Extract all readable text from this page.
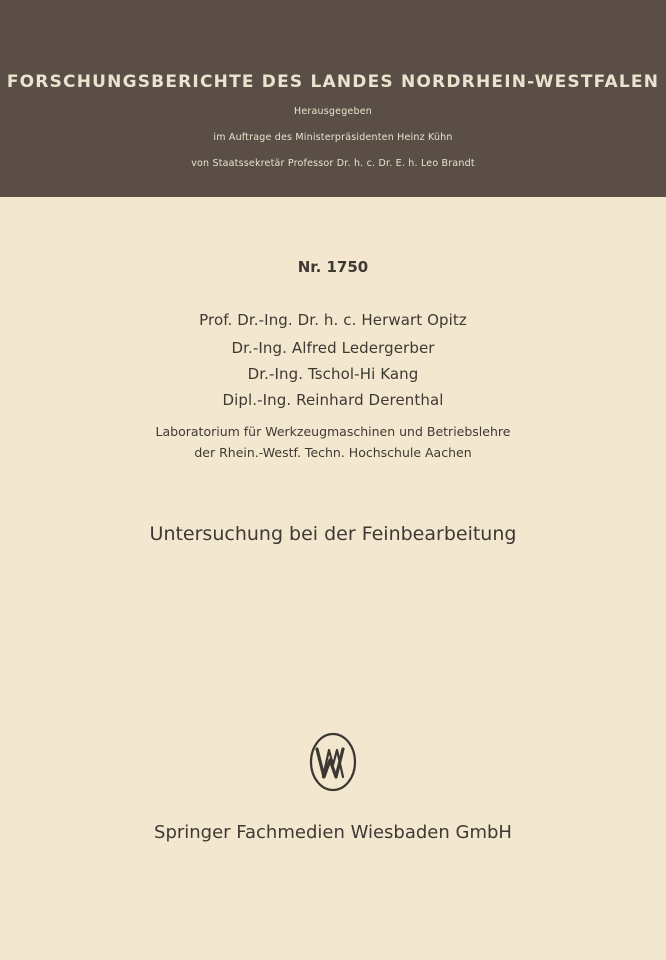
FORSCHUNGSBERICHTE DES LANDES NORDRHEIN-WESTFALEN
Herausgegeben
im Auftrage des Ministerpräsidenten Heinz Kühn
von Staatssekretär Professor Dr. h. c. Dr. E. h. Leo Brandt
Nr. 1750
Prof. Dr.-Ing. Dr. h. c. Herwart Opitz
Dr.-Ing. Alfred Ledergerber
Dr.-Ing. Tschol-Hi Kang
Dipl.-Ing. Reinhard Derenthal
Laboratorium für Werkzeugmaschinen und Betriebslehre
der Rhein.-Westf. Techn. Hochschule Aachen
Untersuchung bei der Feinbearbeitung
Springer Fachmedien Wiesbaden GmbH
